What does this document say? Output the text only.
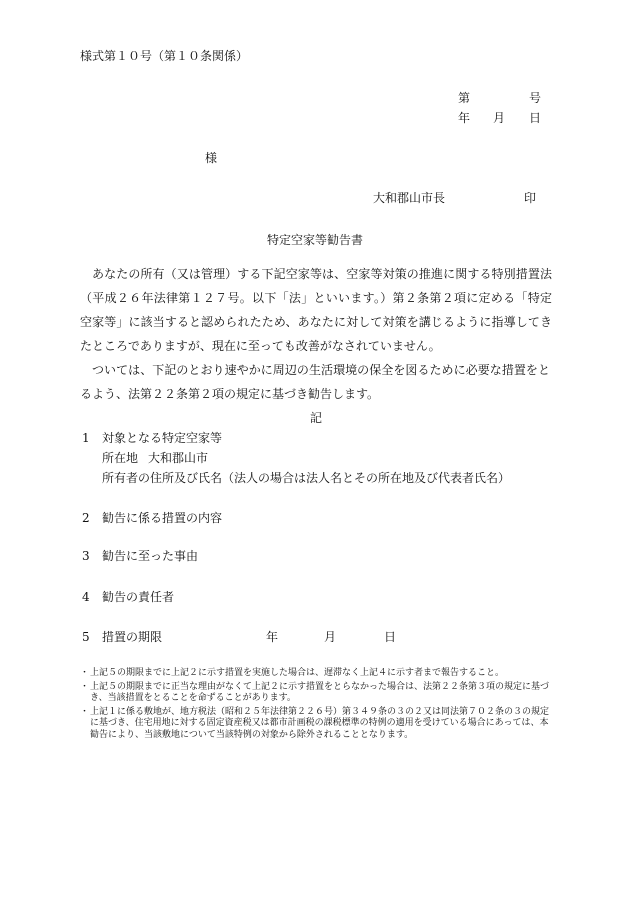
様式第１０号（第１０条関係）
第	号
年 月 日
様
大和郡山市長	印
特定空家等勧告書
あなたの所有（又は管理）する下記空家等は、空家等対策の推進に関する特別措置法（平成２６年法律第１２７号。以下「法」といいます。）第２条第２項に定める「特定空家等」に該当すると認められたため、あなたに対して対策を講じるように指導してきたところでありますが、現在に至っても改善がなされていません。
ついては、下記のとおり速やかに周辺の生活環境の保全を図るために必要な措置をとるよう、法第２２条第２項の規定に基づき勧告します。
記
1 対象となる特定空家等
所在地 大和郡山市
所有者の住所及び氏名（法人の場合は法人名とその所在地及び代表者氏名）
2 勧告に係る措置の内容
3 勧告に至った事由
4 勧告の責任者
5 措置の期限	年	月	日
・ 上記５の期限までに上記２に示す措置を実施した場合は、遅滞なく上記４に示す者まで報告すること。
・ 上記５の期限までに正当な理由がなくて上記２に示す措置をとらなかった場合は、法第２２条第３項の規定に基づき、当該措置をとることを命ずることがあります。
・ 上記１に係る敷地が、地方税法（昭和２５年法律第２２６号）第３４９条の３の２又は同法第７０２条の３の規定に基づき、住宅用地に対する固定資産税又は都市計画税の課税標準の特例の適用を受けている場合にあっては、本勧告により、当該敷地について当該特例の対象から除外されることとなります。
